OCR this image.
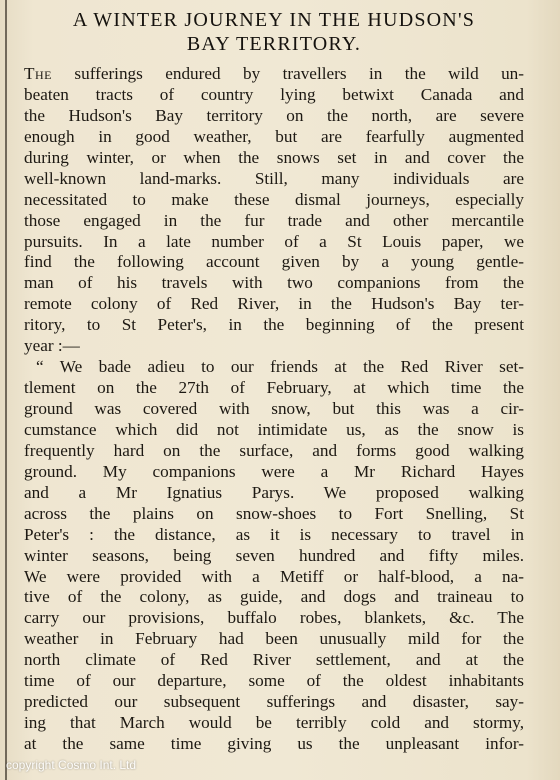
A WINTER JOURNEY IN THE HUDSON'S
BAY TERRITORY.
The sufferings endured by travellers in the wild un-
beaten tracts of country lying betwixt Canada and
the Hudson's Bay territory on the north, are severe
enough in good weather, but are fearfully augmented
during winter, or when the snows set in and cover the
well-known land-marks. Still, many individuals are
necessitated to make these dismal journeys, especially
those engaged in the fur trade and other mercantile
pursuits. In a late number of a St Louis paper, we
find the following account given by a young gentle-
man of his travels with two companions from the
remote colony of Red River, in the Hudson's Bay ter-
ritory, to St Peter's, in the beginning of the present
year :—
“ We bade adieu to our friends at the Red River set-
tlement on the 27th of February, at which time the
ground was covered with snow, but this was a cir-
cumstance which did not intimidate us, as the snow is
frequently hard on the surface, and forms good walking
ground. My companions were a Mr Richard Hayes
and a Mr Ignatius Parys. We proposed walking
across the plains on snow-shoes to Fort Snelling, St
Peter's : the distance, as it is necessary to travel in
winter seasons, being seven hundred and fifty miles.
We were provided with a Metiff or half-blood, a na-
tive of the colony, as guide, and dogs and traineau to
carry our provisions, buffalo robes, blankets, &c. The
weather in February had been unusually mild for the
north climate of Red River settlement, and at the
time of our departure, some of the oldest inhabitants
predicted our subsequent sufferings and disaster, say-
ing that March would be terribly cold and stormy,
at the same time giving us the unpleasant infor-
copyright Cosmo Int. Ltd
